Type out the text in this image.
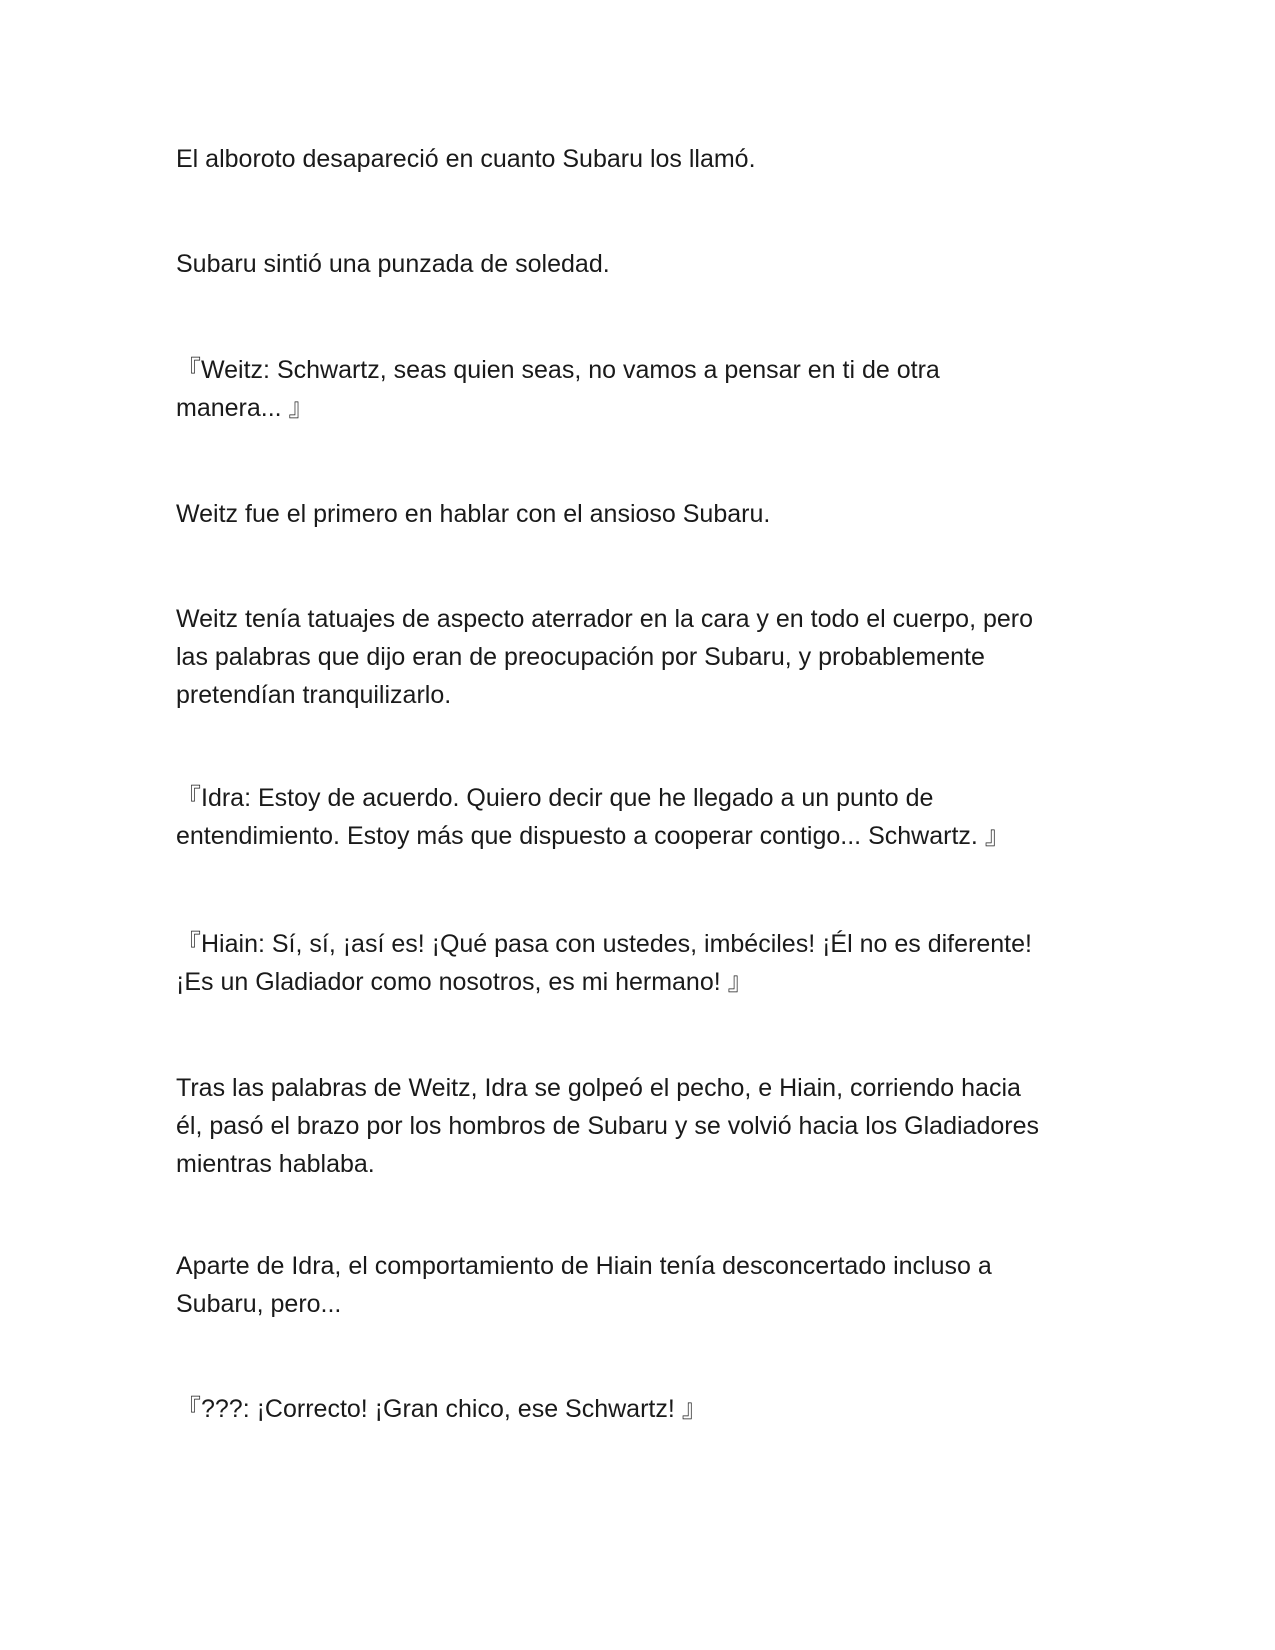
El alboroto desapareció en cuanto Subaru los llamó.

Subaru sintió una punzada de soledad.

『Weitz: Schwartz, seas quien seas, no vamos a pensar en ti de otra
manera... 』

Weitz fue el primero en hablar con el ansioso Subaru.

Weitz tenía tatuajes de aspecto aterrador en la cara y en todo el cuerpo, pero
las palabras que dijo eran de preocupación por Subaru, y probablemente
pretendían tranquilizarlo.

『Idra: Estoy de acuerdo. Quiero decir que he llegado a un punto de
entendimiento. Estoy más que dispuesto a cooperar contigo... Schwartz. 』

『Hiain: Sí, sí, ¡así es! ¡Qué pasa con ustedes, imbéciles! ¡Él no es diferente!
¡Es un Gladiador como nosotros, es mi hermano! 』

Tras las palabras de Weitz, Idra se golpeó el pecho, e Hiain, corriendo hacia
él, pasó el brazo por los hombros de Subaru y se volvió hacia los Gladiadores
mientras hablaba.

Aparte de Idra, el comportamiento de Hiain tenía desconcertado incluso a
Subaru, pero...

『???: ¡Correcto! ¡Gran chico, ese Schwartz! 』
